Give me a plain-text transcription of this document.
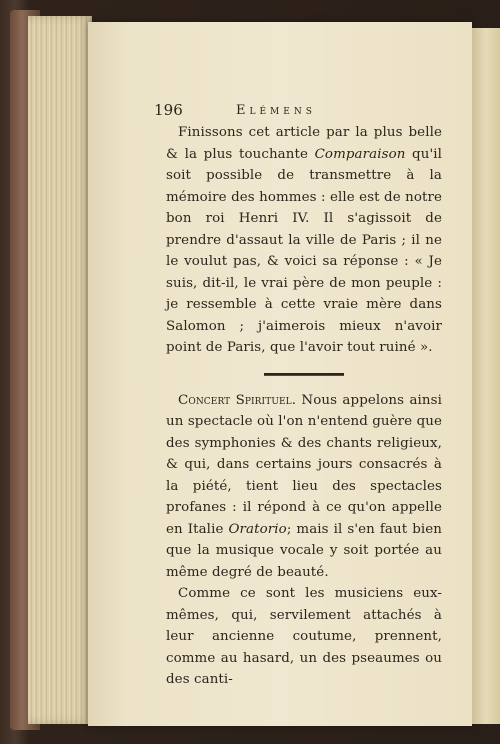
196	Elémens

Finissons cet article par la plus belle & la plus touchante Comparaison qu'il soit possible de transmettre à la mémoire des hommes : elle est de notre bon roi Henri IV. Il s'agissoit de prendre d'assaut la ville de Paris ; il ne le voulut pas, & voici sa réponse : « Je suis, dit-il, le vrai père de mon peuple : je ressemble à cette vraie mère dans Salomon ; j'aimerois mieux n'avoir point de Paris, que l'avoir tout ruiné ».

Concert Spirituel. Nous appelons ainsi un spectacle où l'on n'entend guère que des symphonies & des chants religieux, & qui, dans certains jours consacrés à la piété, tient lieu des spectacles profanes : il répond à ce qu'on appelle en Italie Oratorio; mais il s'en faut bien que la musique vocale y soit portée au même degré de beauté.

Comme ce sont les musiciens eux-mêmes, qui, servilement attachés à leur ancienne coutume, prennent, comme au hasard, un des pseaumes ou des canti-
